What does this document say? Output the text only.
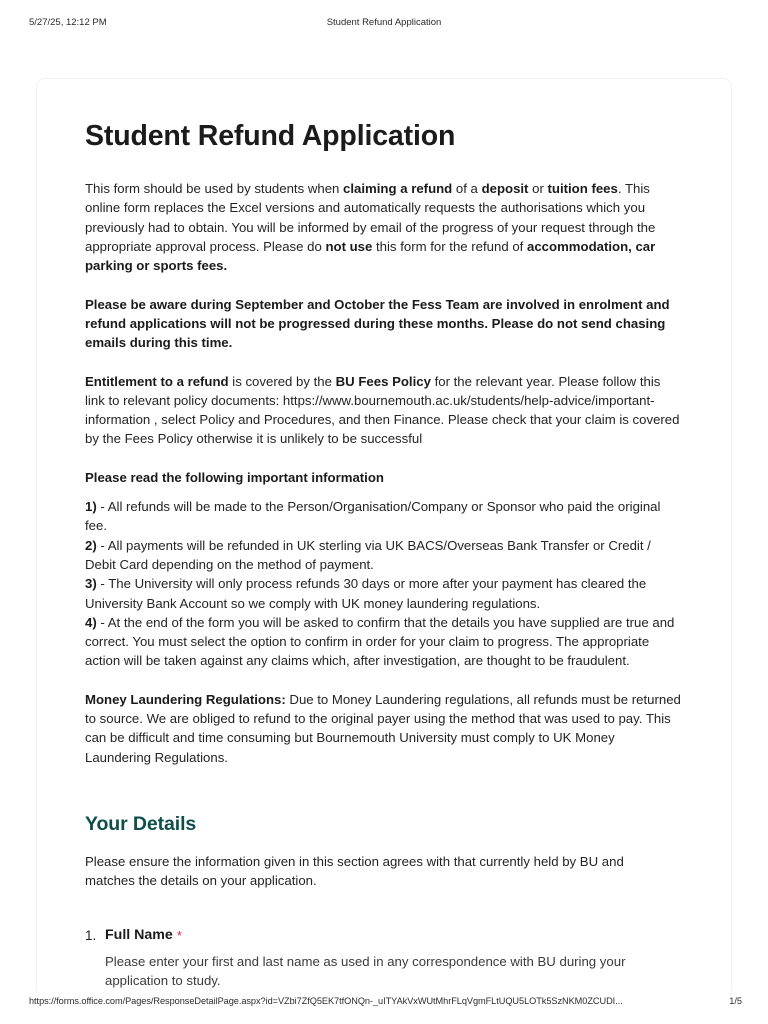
5/27/25, 12:12 PM	Student Refund Application
Student Refund Application

This form should be used by students when claiming a refund of a deposit or tuition fees. This online form replaces the Excel versions and automatically requests the authorisations which you previously had to obtain. You will be informed by email of the progress of your request through the appropriate approval process. Please do not use this form for the refund of accommodation, car parking or sports fees.

Please be aware during September and October the Fess Team are involved in enrolment and refund applications will not be progressed during these months. Please do not send chasing emails during this time.

Entitlement to a refund is covered by the BU Fees Policy for the relevant year. Please follow this link to relevant policy documents: https://www.bournemouth.ac.uk/students/help-advice/important-information , select Policy and Procedures, and then Finance. Please check that your claim is covered by the Fees Policy otherwise it is unlikely to be successful

Please read the following important information

1) - All refunds will be made to the Person/Organisation/Company or Sponsor who paid the original fee.

2) - All payments will be refunded in UK sterling via UK BACS/Overseas Bank Transfer or Credit / Debit Card depending on the method of payment.

3) - The University will only process refunds 30 days or more after your payment has cleared the University Bank Account so we comply with UK money laundering regulations.

4) - At the end of the form you will be asked to confirm that the details you have supplied are true and correct. You must select the option to confirm in order for your claim to progress. The appropriate action will be taken against any claims which, after investigation, are thought to be fraudulent.

Money Laundering Regulations: Due to Money Laundering regulations, all refunds must be returned to source. We are obliged to refund to the original payer using the method that was used to pay. This can be difficult and time consuming but Bournemouth University must comply to UK Money Laundering Regulations.

Your Details

Please ensure the information given in this section agrees with that currently held by BU and matches the details on your application.

1. Full Name *
Please enter your first and last name as used in any correspondence with BU during your application to study.
https://forms.office.com/Pages/ResponseDetailPage.aspx?id=VZbi7ZfQ5EK7tfONQn-_uITYAkVxWUtMhrFLqVgmFLtUQU5LOTk5SzNKM0ZCUDI...	1/5
